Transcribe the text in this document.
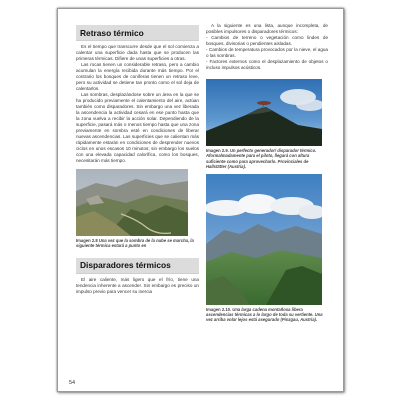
Retraso térmico

Es el tiempo que transcurre desde que el sol comienza a calentar una superficie dada hasta que se producen las primeras térmicas. Difiere de unas superficies a otras.

Las rocas tienen un considerable retraso, pero a cambio acumulan la energía recibida durante más tiempo. Por el contrario los bosques de coníferas tienen un retraso leve, pero su actividad se detiene tan pronto como el sol deja de calentarlos.

Las sombras, desplazándose sobre un área en la que se ha producido previamente el calentamiento del aire, actúan también como disparadores. Sin embargo una vez liberada la ascendencia la actividad cesará en ese punto hasta que la zona vuelva a recibir la acción solar. Dependiendo de la superficie, pasará más o menos tiempo hasta que una zona previamente en sombra esté en condiciones de liberar nuevas ascendencias. Las superficies que se calientan más rápidamente estarán en condiciones de desprender nuevos ciclos en unos escasos 10 minutos; sin embargo los suelos con una elevada capacidad calorífica, como los bosques, necesitarán más tiempo.

Imagen 2.8 Una vez que la sombra de la nube se marcha, la siguiente térmica estará a punto en
Disparadores térmicos

El aire caliente, más ligero que el frío, tiene una tendencia inherente a ascender. Sin embargo es preciso un impulso previo para vencer su inercia

A la siguiente es una lista, aunque incompleta, de posibles impulsores o disparadores térmicos:

- Cambios de terreno o vegetación como lindes de bosques, divisorias o pendientes aisladas.
- Cambios de temperatura provocados por la nieve, el agua o las sombras.
- Factores externos como el desplazamiento de objetos o incluso impulsos acústicos.
Imagen 2.9. Un perfecto generador/ disparador térmico. Aformalmadamente para el piloto, llegará con altura suficiente como para aprovecharlo. Provinciales de Hallstätter (Austria).
Imagen 2.10. Una larga cadena montañosa libera ascendencias térmicas a lo largo de toda su vertiente. Una vez arriba volar lejos está asegurado (Pinzgau, Austria).
54
